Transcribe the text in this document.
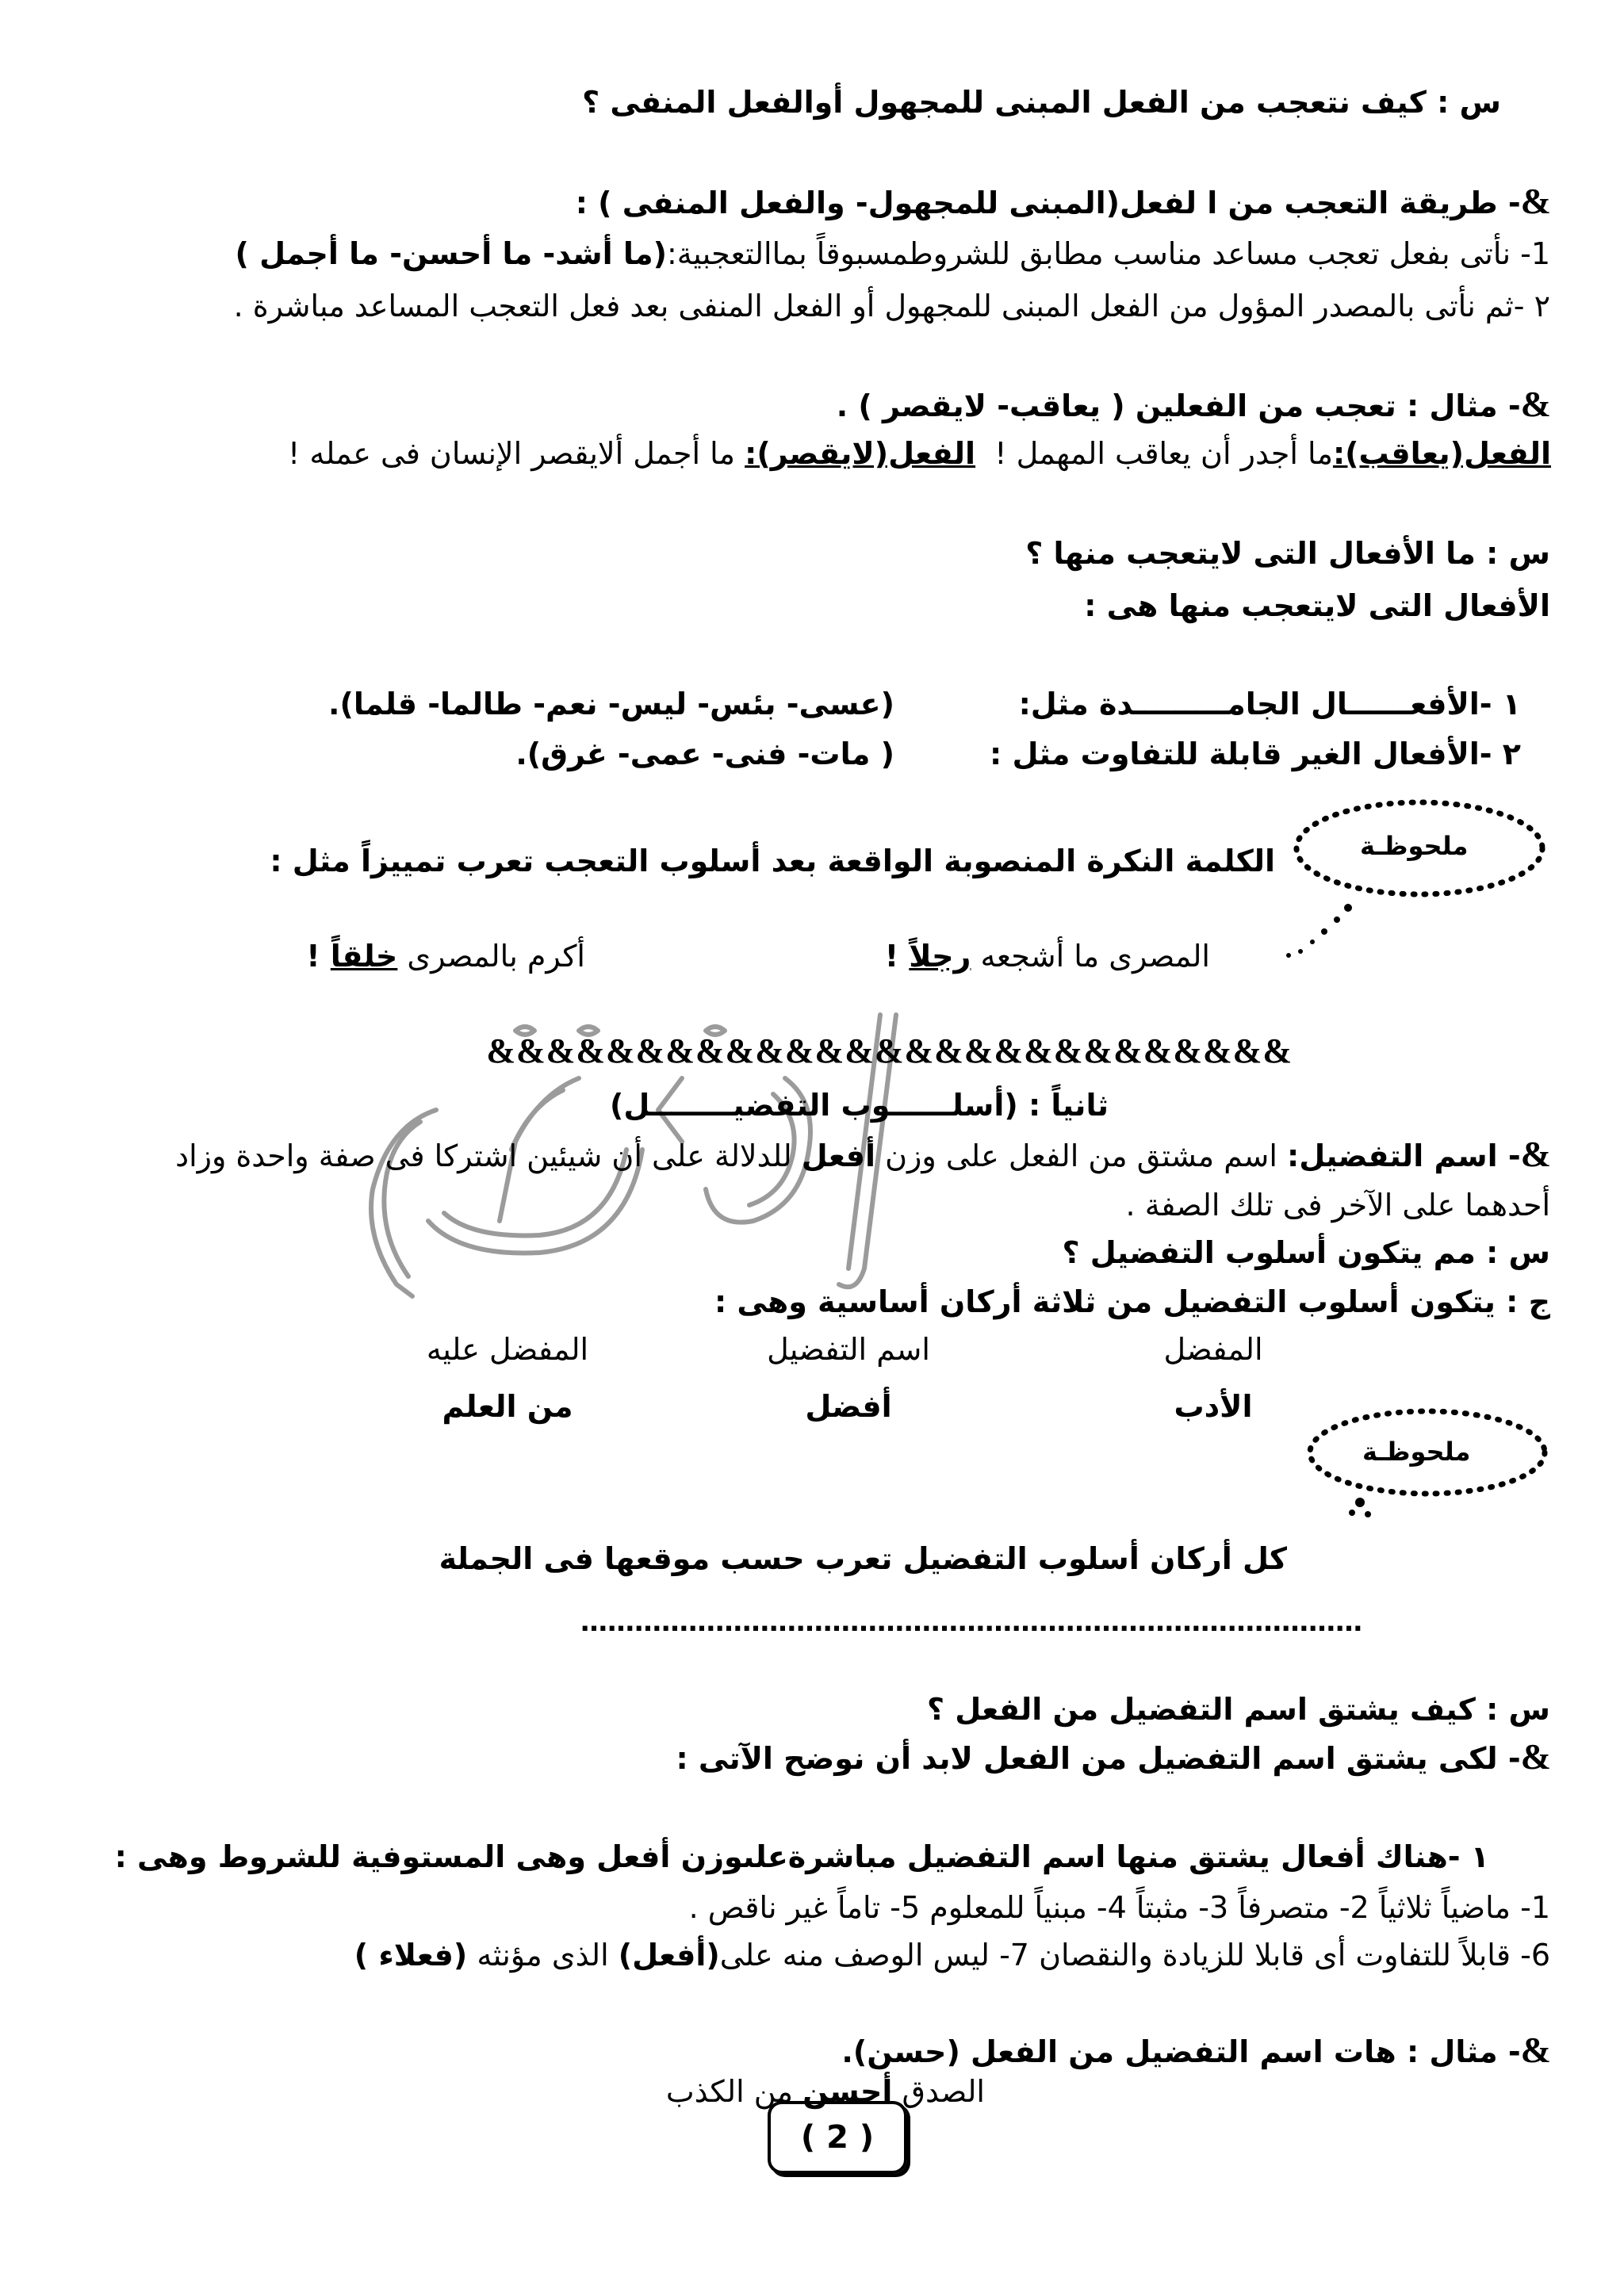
س : كيف نتعجب من الفعل المبنى للمجهول أوالفعل المنفى ؟
&- طريقة التعجب من ا لفعل(المبنى للمجهول- والفعل المنفى ) :
1- نأتى بفعل تعجب مساعد مناسب مطابق للشروطمسبوقاً بماالتعجبية:(ما أشد- ما أحسن- ما أجمل )
٢ -ثم نأتى بالمصدر المؤول من الفعل المبنى للمجهول أو الفعل المنفى بعد فعل التعجب المساعد مباشرة .
&- مثال : تعجب من الفعلين ( يعاقب- لايقصر ) .
الفعل(يعاقب):ما أجدر أن يعاقب المهمل !  الفعل(لايقصر): ما أجمل ألايقصر الإنسان فى عمله !
س : ما الأفعال التى لايتعجب منها ؟
الأفعال التى لايتعجب منها هى :
١ -الأفعــــــال الجامـــــــــدة مثل:
(عسى- بئس- ليس- نعم- طالما- قلما).
٢ -الأفعال الغير قابلة للتفاوت مثل :
( مات- فنى- عمى- غرق).
ملحوظـة
الكلمة النكرة المنصوبة الواقعة بعد أسلوب التعجب تعرب تمييزاً مثل :
المصرى ما أشجعه رجلاً !
أكرم بالمصرى خلقاً !
&&&&&&&&&&&&&&&&&&&&&&&&&&&
ثانياً : (أسلــــــوب التفضيــــــــل)
&- اسم التفضيل: اسم مشتق من الفعل على وزن أفعل للدلالة على أن شيئين اشتركا فى صفة واحدة وزاد
أحدهما على الآخر فى تلك الصفة .
س : مم يتكون أسلوب التفضيل ؟
ج : يتكون أسلوب التفضيل من ثلاثة أركان أساسية وهى :
المفضل
اسم التفضيل
المفضل عليه
الأدب
أفضل
من العلم
ملحوظـة
كل أركان أسلوب التفضيل تعرب حسب موقعها فى الجملة
……………………………………………………………………………
س : كيف يشتق اسم التفضيل من الفعل ؟
&- لكى يشتق اسم التفضيل من الفعل لابد أن نوضح الآتى :
١ -هناك أفعال يشتق منها اسم التفضيل مباشرةعلىوزن أفعل وهى المستوفية للشروط وهى :
1- ماضياً ثلاثياً 2- متصرفاً 3- مثبتاً 4- مبنياً للمعلوم 5- تاماً غير ناقص .
6- قابلاً للتفاوت أى قابلا للزيادة والنقصان 7- ليس الوصف منه على(أفعل) الذى مؤنثه (فعلاء )
&- مثال : هات اسم التفضيل من الفعل (حسن).
الصدق أحسن من الكذب
( 2 )
